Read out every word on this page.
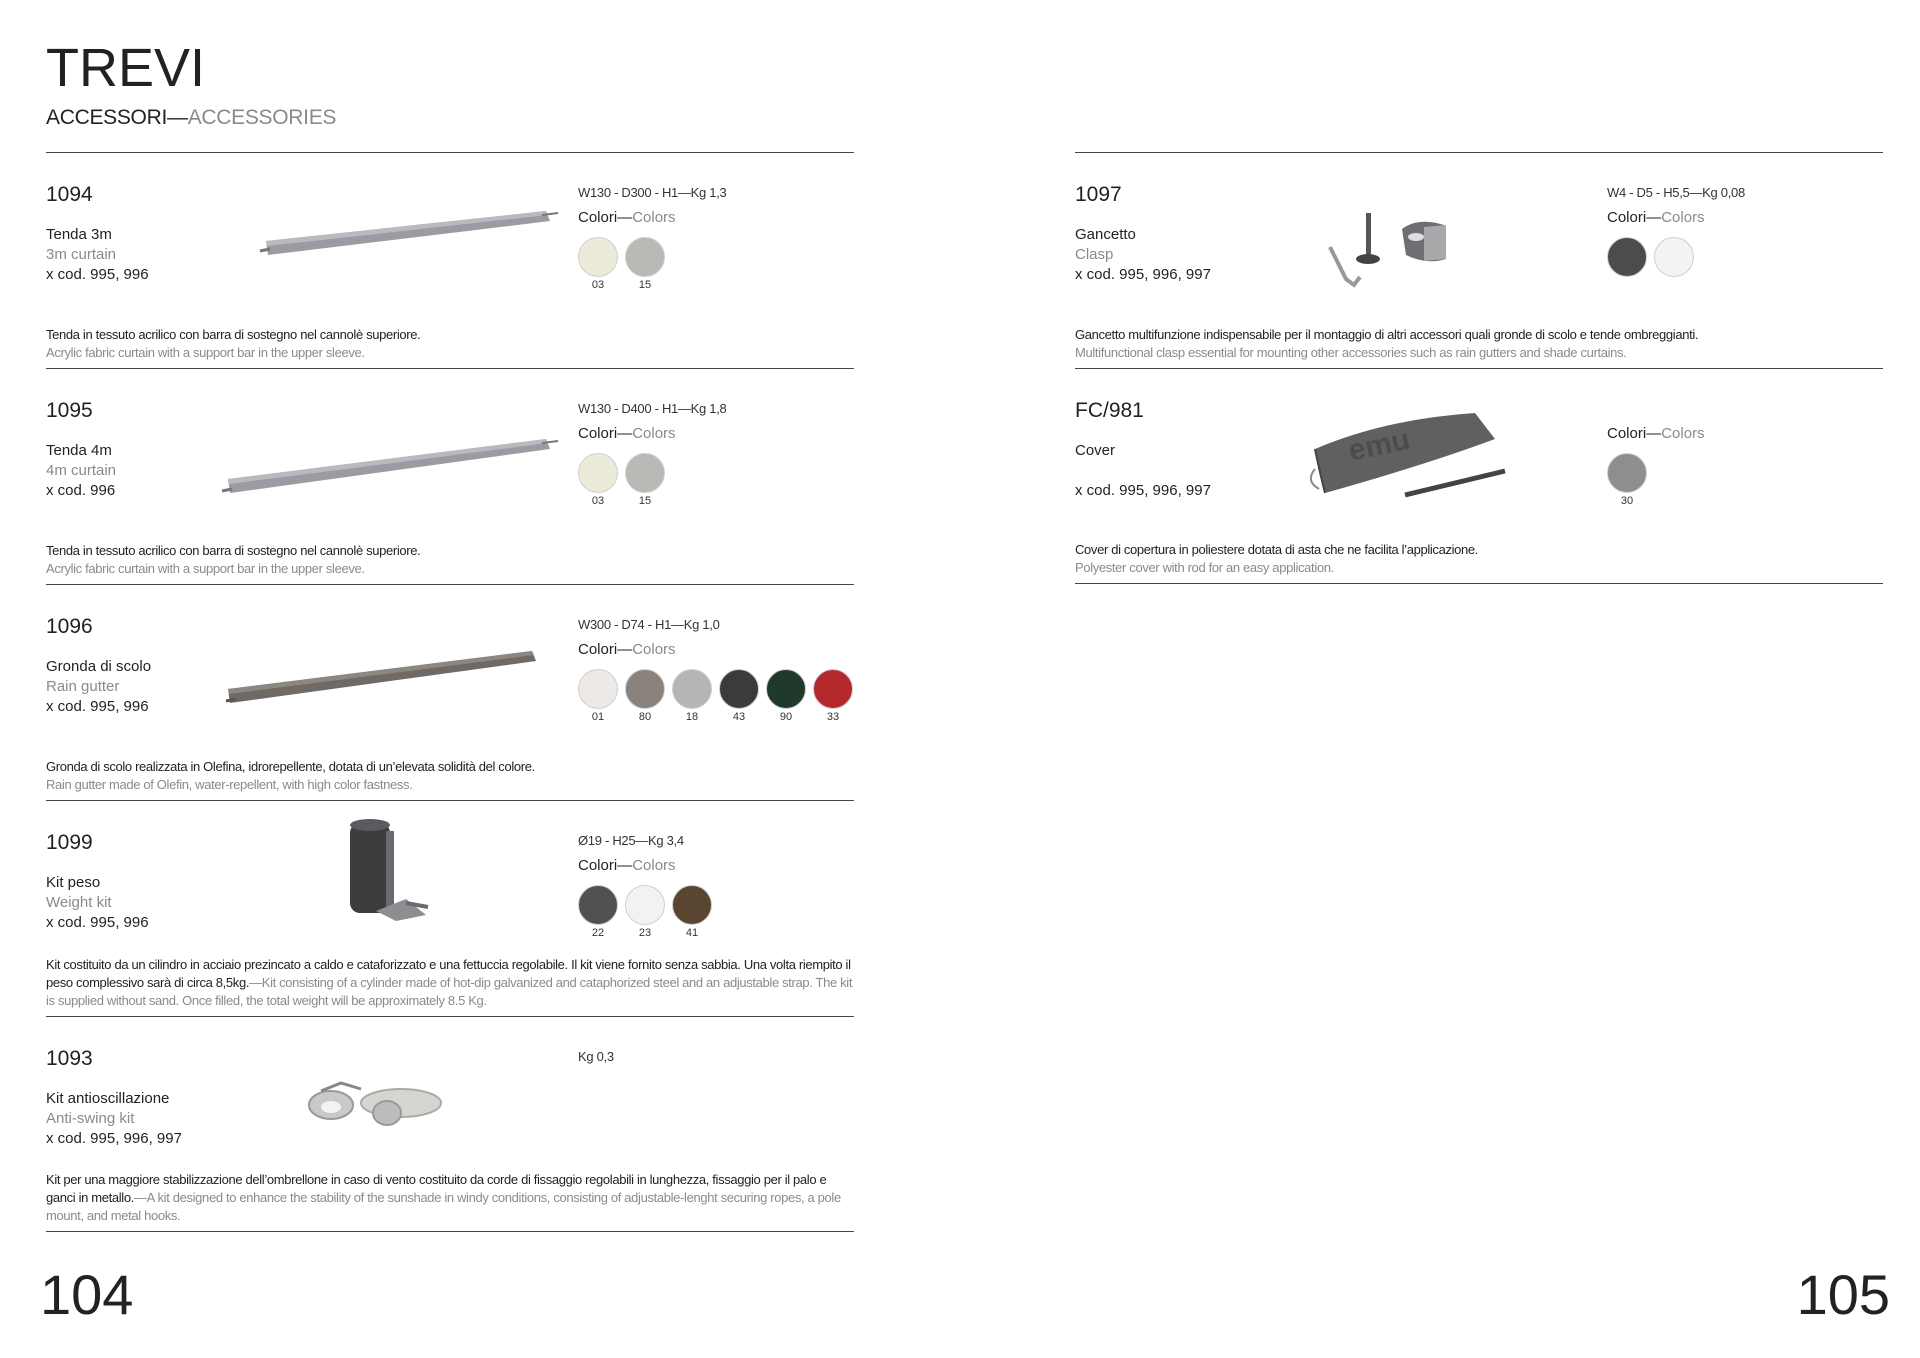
TREVI
ACCESSORI—ACCESSORIES
1094
Tenda 3m
3m curtain
x cod. 995, 996
W130 - D300 - H1—Kg 1,3
Colori—Colors
03	15
Tenda in tessuto acrilico con barra di sostegno nel cannolè superiore.
Acrylic fabric curtain with a support bar in the upper sleeve.
1095
Tenda 4m
4m curtain
x cod. 996
W130 - D400 - H1—Kg 1,8
Colori—Colors
03	15
Tenda in tessuto acrilico con barra di sostegno nel cannolè superiore.
Acrylic fabric curtain with a support bar in the upper sleeve.
1096
Gronda di scolo
Rain gutter
x cod. 995, 996
W300 - D74 - H1—Kg 1,0
Colori—Colors
01	80	18	43	90	33
Gronda di scolo realizzata in Olefina, idrorepellente, dotata di un’elevata solidità del colore.
Rain gutter made of Olefin, water-repellent, with high color fastness.
1099
Kit peso
Weight kit
x cod. 995, 996
Ø19 - H25—Kg 3,4
Colori—Colors
22	23	41
Kit costituito da un cilindro in acciaio prezincato a caldo e cataforizzato e una fettuccia regolabile. Il kit viene fornito senza sabbia. Una volta riempito il peso complessivo sarà di circa 8,5kg.—Kit consisting of a cylinder made of hot-dip galvanized and cataphorized steel and an adjustable strap. The kit is supplied without sand. Once filled, the total weight will be approximately 8.5 Kg.
1093
Kit antioscillazione
Anti-swing kit
x cod. 995, 996, 997
Kg 0,3
Kit per una maggiore stabilizzazione dell’ombrellone in caso di vento costituito da corde di fissaggio regolabili in lunghezza, fissaggio per il palo e ganci in metallo.—A kit designed to enhance the stability of the sunshade in windy conditions, consisting of adjustable-lenght securing ropes, a pole mount, and metal hooks.
1097
Gancetto
Clasp
x cod. 995, 996, 997
W4 - D5 - H5,5—Kg 0,08
Colori—Colors
Gancetto multifunzione indispensabile per il montaggio di altri accessori quali gronde di scolo e tende ombreggianti.
Multifunctional clasp essential for mounting other accessories such as rain gutters and shade curtains.
FC/981
Cover
x cod. 995, 996, 997
emu	Colori—Colors
30
Cover di copertura in poliestere dotata di asta che ne facilita l’applicazione.
Polyester cover with rod for an easy application.
104	105
